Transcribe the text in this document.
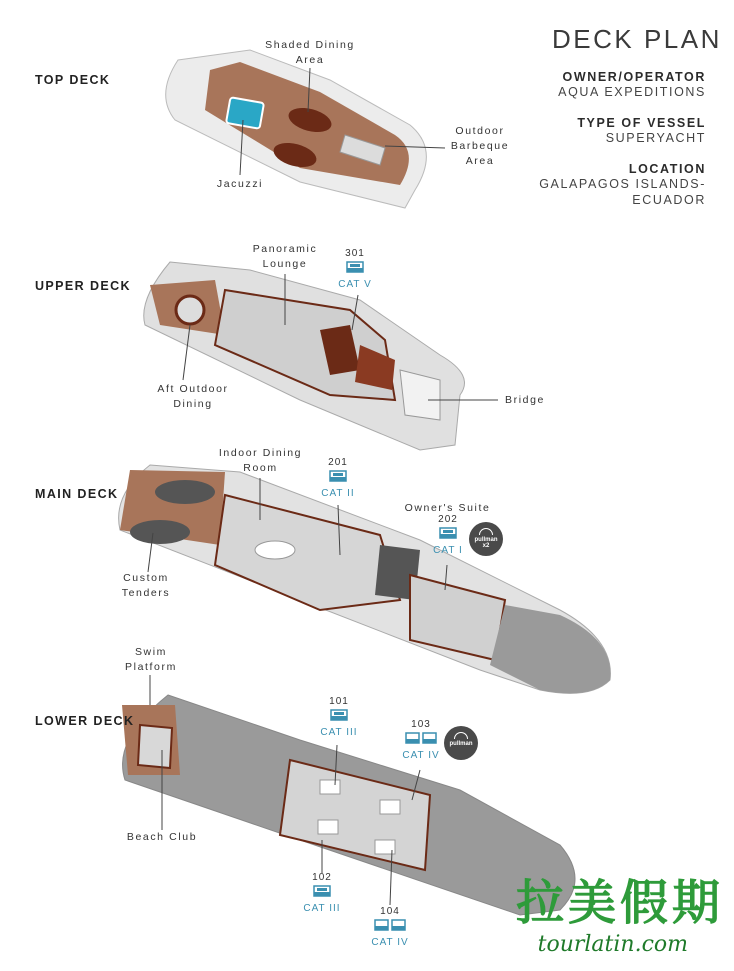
DECK PLAN
OWNER/OPERATOR
AQUA EXPEDITIONS
TYPE OF VESSEL
SUPERYACHT
LOCATION
GALAPAGOS ISLANDS-
ECUADOR
TOP DECK
UPPER DECK
MAIN DECK
LOWER DECK
Shaded Dining
Area
Jacuzzi
Outdoor
Barbeque
Area
Panoramic
Lounge
Aft Outdoor
Dining	Bridge
Indoor Dining
Room
Custom
Tenders
Owner's Suite
Swim
Platform
Beach Club
301
CAT V
201
CAT II
202
CAT I
101
CAT III
103
CAT IV
102
CAT III	104
CAT IV
pullman
x2
pullman
拉美假期
tourlatin.com
